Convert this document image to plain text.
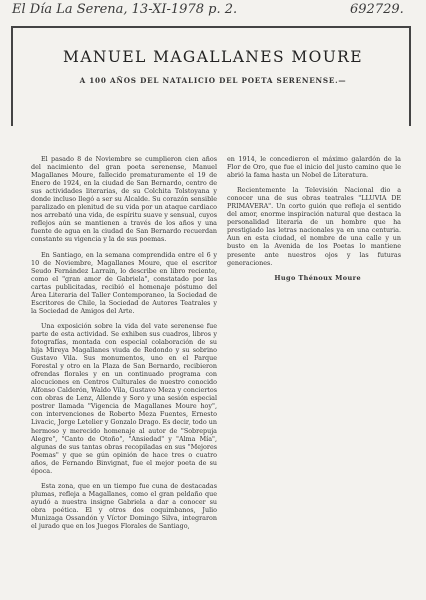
El Día La Serena, 13-XI-1978 p. 2.	692729.
MANUEL MAGALLANES MOURE
A 100 AÑOS DEL NATALICIO DEL POETA SERENENSE.—

El pasado 8 de Noviembre se cumplieron cien años del nacimiento del gran poeta serenense, Manuel Magallanes Moure, fallecido prematuramente el 19 de Enero de 1924, en la ciudad de San Bernardo, centro de sus actividades literarias, de su Colchita Tolstoyana y donde incluso llegó a ser su Alcalde. Su corazón sensible paralizado en plenitud de su vida por un ataque cardiaco nos arrebató una vida, de espíritu suave y sensual, cuyos reflejos aún se mantienen a través de los años y una fuente de agua en la ciudad de San Bernardo recuerdan constante su vigencia y la de sus poemas.

En Santiago, en la semana comprendida entre el 6 y 10 de Noviembre, Magallanes Moure, que el escritor Seudo Fernández Larrain, lo describe en libro reciente, como el "gran amor de Gabriela", constatado por las cartas publicitadas, recibió el homenaje póstumo del Área Literaria del Taller Contemporaneo, la Sociedad de Escritores de Chile, la Sociedad de Autores Teatrales y la Sociedad de Amigos del Arte.

Una exposición sobre la vida del vate serenense fue parte de esta actividad. Se exhiben sus cuadros, libros y fotografías, montada con especial colaboración de su hija Mireya Magallanes viuda de Redondo y su sobrino Gustavo Vila. Sus monumentos, uno en el Parque Forestal y otro en la Plaza de San Bernardo, recibieron ofrendas florales y en un continuado programa con alocuciones en Centros Culturales de nuestro conocido Alfonso Calderón, Waldo Vila, Gustavo Meza y conciertos con obras de Lenz, Allende y Soro y una sesión especial postrer llamada "Vigencia de Magallanes Moure hoy", con intervenciones de Roberto Meza Fuentes, Ernesto Livacic, Jorge Letelier y Gonzalo Drago. Es decir, todo un hermoso y merecido homenaje al autor de "Sobrepuja Alegre", "Canto de Otoño", "Ansiedad" y "Alma Mía", algunas de sus tantas obras recopiladas en sus "Mejores Poemas" y que se gún opinión de hace tres o cuatro años, de Fernando Binvignat, fue el mejor poeta de su época.

Esta zona, que en un tiempo fue cuna de destacadas plumas, refleja a Magallanes, como el gran peldaño que ayudó a nuestra insigne Gabriela a dar a conocer su obra poética. El y otros dos coquimbanos, Julio Munizaga Ossandón y Víctor Domingo Silva, integraron el jurado que en los Juegos Florales de Santiago,

en 1914, le concedieron el máximo galardón de la Flor de Oro, que fue el inicio del justo camino que le abrió la fama hasta un Nobel de Literatura.

Recientemente la Televisión Nacional dio a conocer una de sus obras teatrales "LLUVIA DE PRIMAVERA". Un corto guión que refleja el sentido del amor, enorme inspiración natural que destaca la personalidad literaria de un hombre que ha prestigiado las letras nacionales ya en una centuria. Aun en esta ciudad, el nombre de una calle y un busto en la Avenida de los Poetas lo mantiene presente ante nuestros ojos y las futuras generaciones.

Hugo Thénoux Moure
